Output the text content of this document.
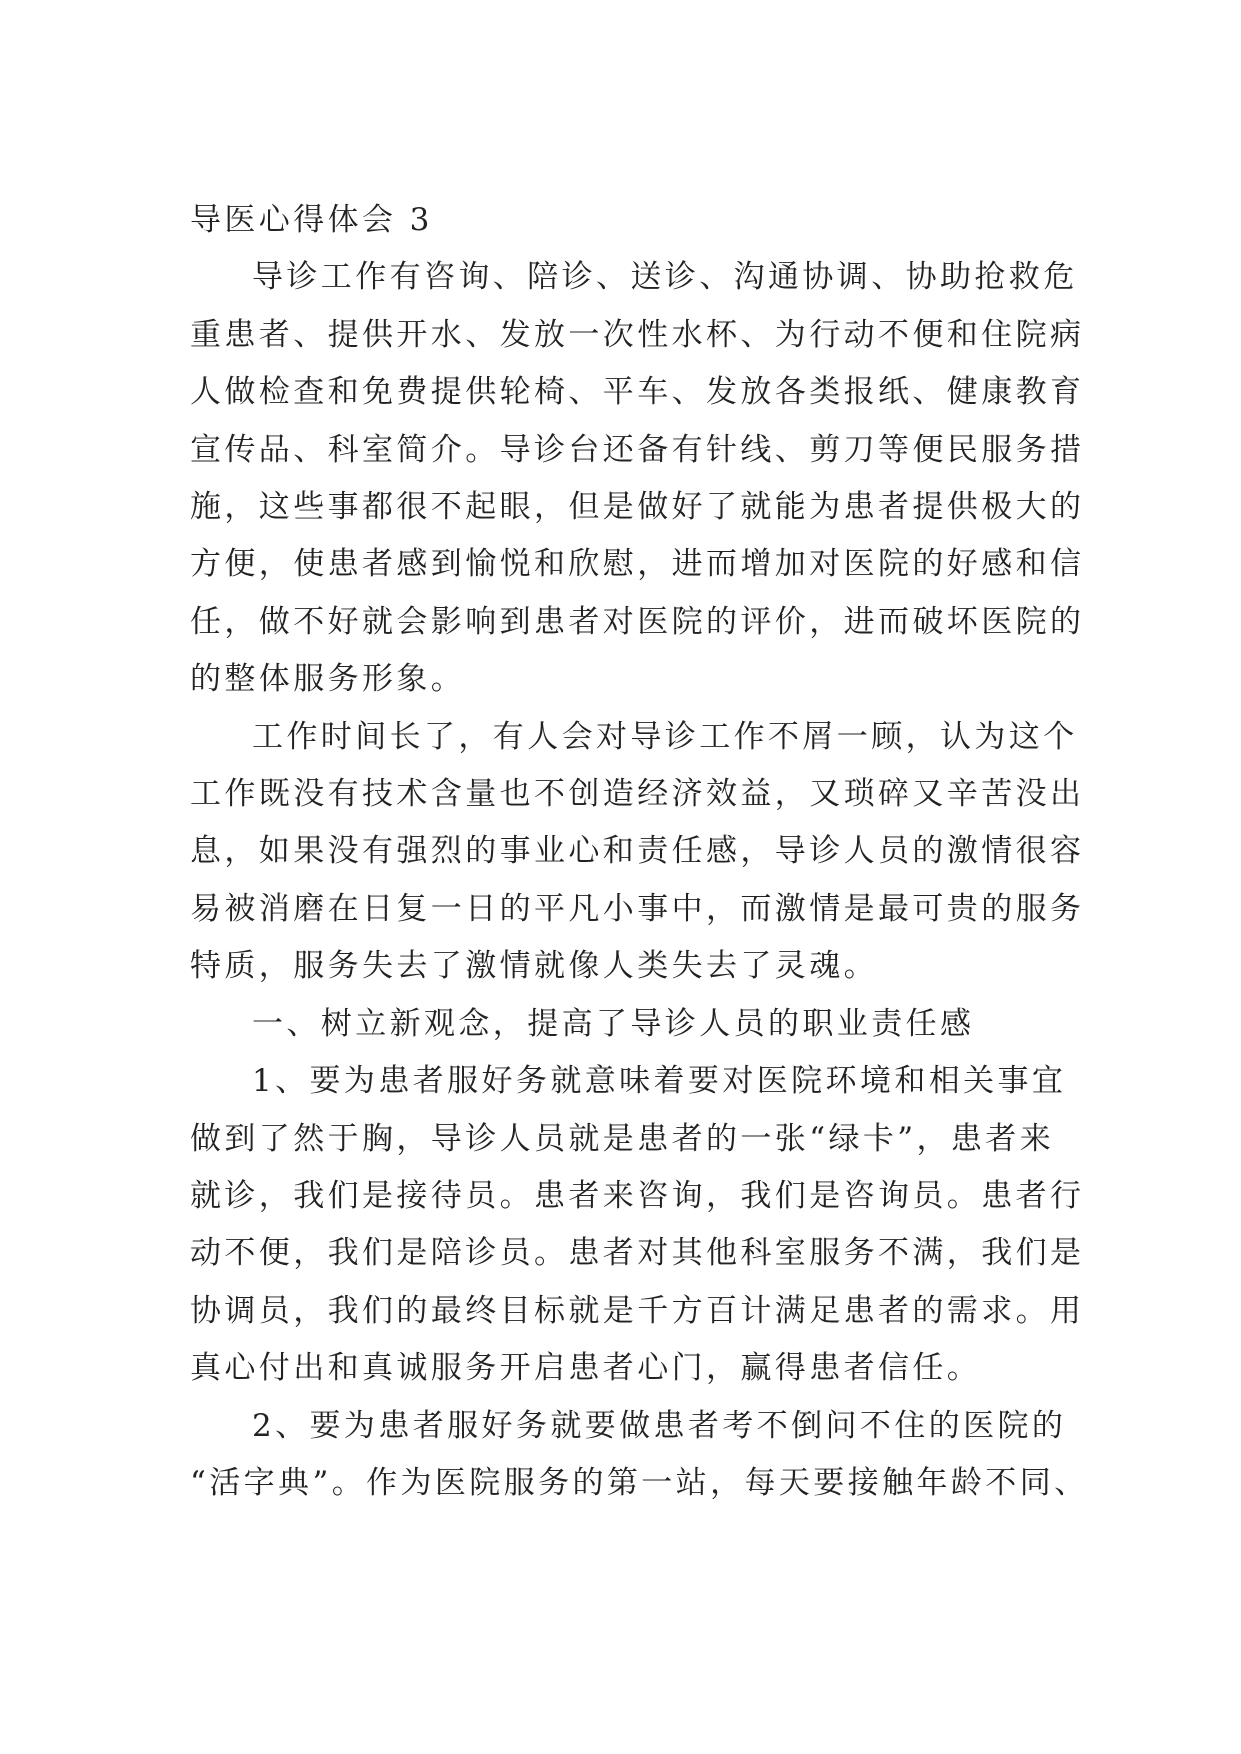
导医心得体会 3

导诊工作有咨询、陪诊、送诊、沟通协调、协助抢救危
重患者、提供开水、发放一次性水杯、为行动不便和住院病
人做检查和免费提供轮椅、平车、发放各类报纸、健康教育
宣传品、科室简介。导诊台还备有针线、剪刀等便民服务措
施，这些事都很不起眼，但是做好了就能为患者提供极大的
方便，使患者感到愉悦和欣慰，进而增加对医院的好感和信
任，做不好就会影响到患者对医院的评价，进而破坏医院的
的整体服务形象。

工作时间长了，有人会对导诊工作不屑一顾，认为这个
工作既没有技术含量也不创造经济效益，又琐碎又辛苦没出
息，如果没有强烈的事业心和责任感，导诊人员的激情很容
易被消磨在日复一日的平凡小事中，而激情是最可贵的服务
特质，服务失去了激情就像人类失去了灵魂。

一、树立新观念，提高了导诊人员的职业责任感

1、要为患者服好务就意味着要对医院环境和相关事宜
做到了然于胸，导诊人员就是患者的一张“绿卡”，患者来
就诊，我们是接待员。患者来咨询，我们是咨询员。患者行
动不便，我们是陪诊员。患者对其他科室服务不满，我们是
协调员，我们的最终目标就是千方百计满足患者的需求。用
真心付出和真诚服务开启患者心门，赢得患者信任。

2、要为患者服好务就要做患者考不倒问不住的医院的
“活字典”。作为医院服务的第一站，每天要接触年龄不同、
